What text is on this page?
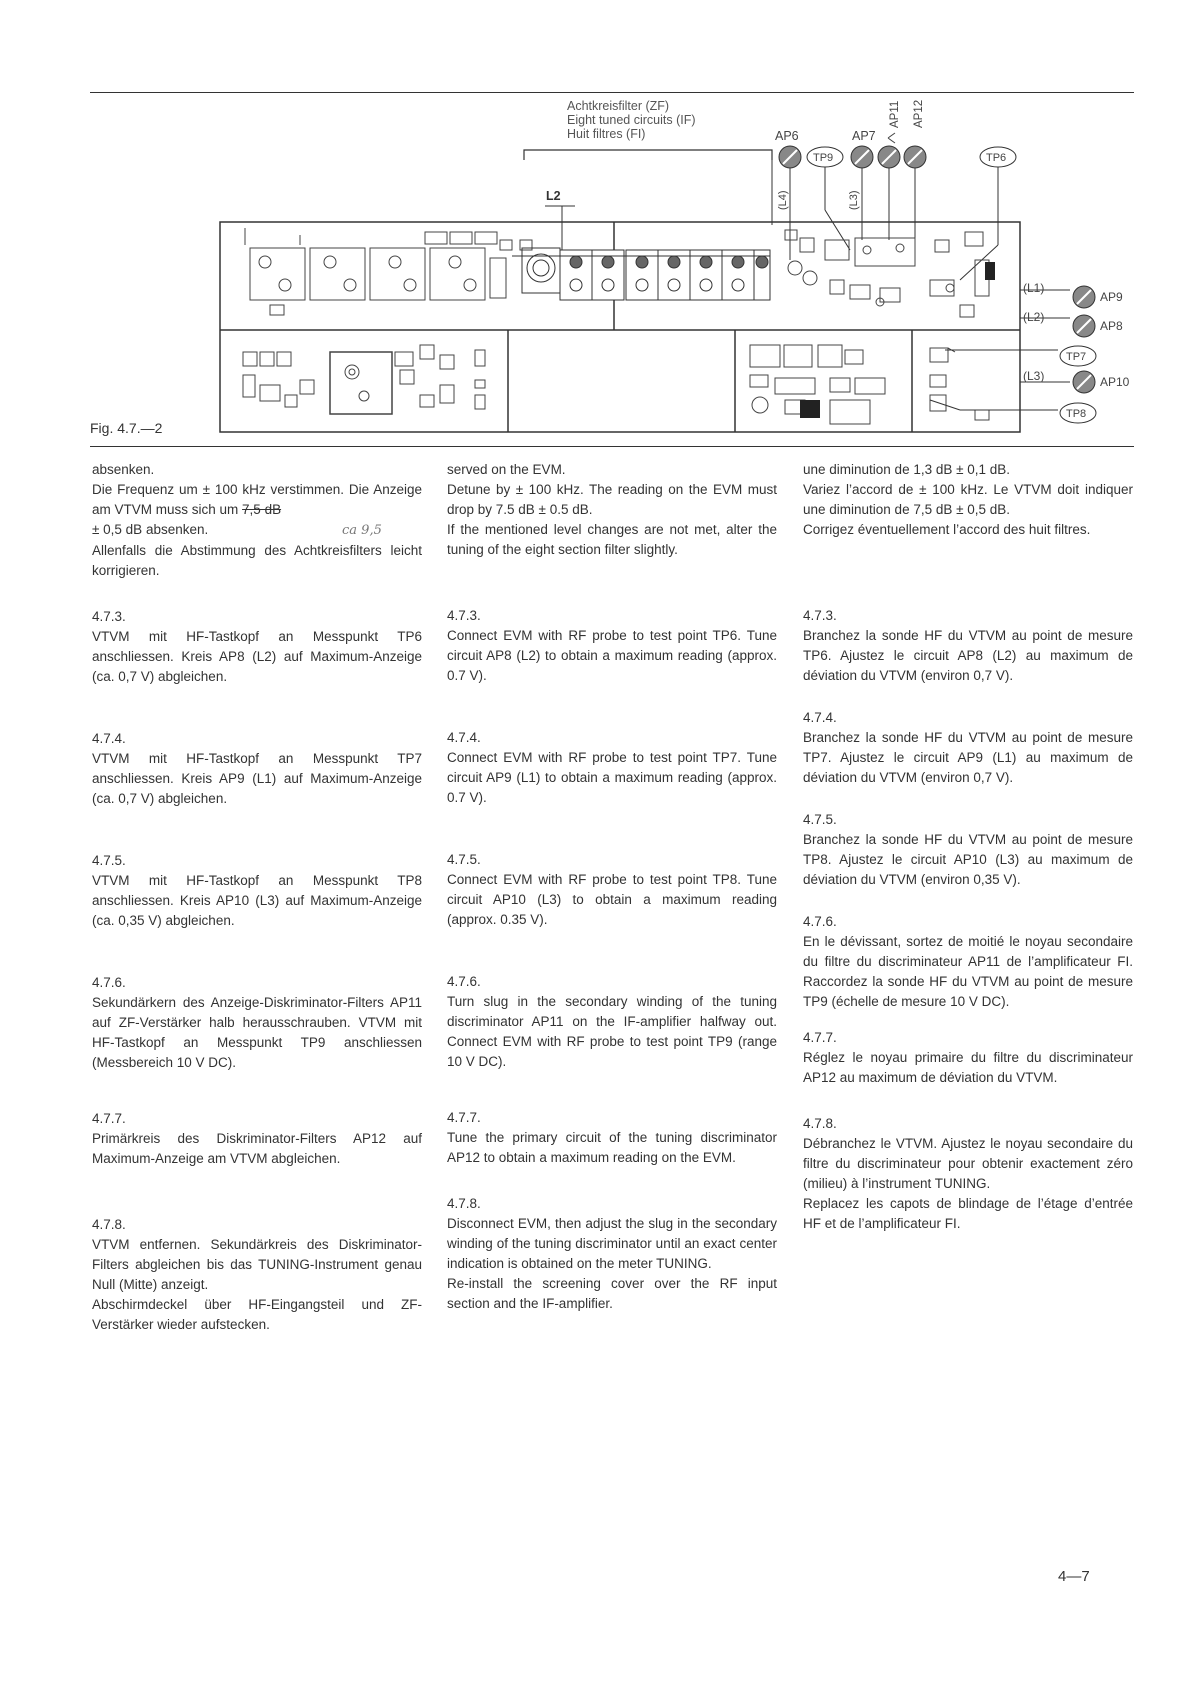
Achtkreisfilter (ZF)
Eight tuned circuits (IF)
Huit filtres (FI)	AP6	AP7
AP11 AP12
TP9	TP6
L2	(L4)	(L3)
(L1)
(L2)
(L3)
AP9
AP8
AP10
TP7
TP8
Fig. 4.7.—2

absenken.

Die Frequenz um ± 100 kHz verstimmen. Die Anzeige am VTVM muss sich um 7,5 dB

± 0,5 dB absenken.	ca 9,5

Allenfalls die Abstimmung des Achtkreisfilters leicht korrigieren.

4.7.3.

VTVM mit HF-Tastkopf an Messpunkt TP6 anschliessen. Kreis AP8 (L2) auf Maximum-Anzeige (ca. 0,7 V) abgleichen.

4.7.4.

VTVM mit HF-Tastkopf an Messpunkt TP7 anschliessen. Kreis AP9 (L1) auf Maximum-Anzeige (ca. 0,7 V) abgleichen.

4.7.5.

VTVM mit HF-Tastkopf an Messpunkt TP8 anschliessen. Kreis AP10 (L3) auf Maximum-Anzeige (ca. 0,35 V) abgleichen.

4.7.6.

Sekundärkern des Anzeige-Diskriminator-Filters AP11 auf ZF-Verstärker halb herausschrauben. VTVM mit HF-Tastkopf an Messpunkt TP9 anschliessen (Messbereich 10 V DC).

4.7.7.

Primärkreis des Diskriminator-Filters AP12 auf Maximum-Anzeige am VTVM abgleichen.

4.7.8.

VTVM entfernen. Sekundärkreis des Diskriminator-Filters abgleichen bis das TUNING-Instrument genau Null (Mitte) anzeigt.

Abschirmdeckel über HF-Eingangsteil und ZF-Verstärker wieder aufstecken.

served on the EVM.

Detune by ± 100 kHz. The reading on the EVM must drop by 7.5 dB ± 0.5 dB.

If the mentioned level changes are not met, alter the tuning of the eight section filter slightly.

4.7.3.

Connect EVM with RF probe to test point TP6. Tune circuit AP8 (L2) to obtain a maximum reading (approx. 0.7 V).

4.7.4.

Connect EVM with RF probe to test point TP7. Tune circuit AP9 (L1) to obtain a maximum reading (approx. 0.7 V).

4.7.5.

Connect EVM with RF probe to test point TP8. Tune circuit AP10 (L3) to obtain a maximum reading (approx. 0.35 V).

4.7.6.

Turn slug in the secondary winding of the tuning discriminator AP11 on the IF-amplifier halfway out. Connect EVM with RF probe to test point TP9 (range 10 V DC).

4.7.7.

Tune the primary circuit of the tuning discriminator AP12 to obtain a maximum reading on the EVM.

4.7.8.

Disconnect EVM, then adjust the slug in the secondary winding of the tuning discriminator until an exact center indication is obtained on the meter TUNING.

Re-install the screening cover over the RF input section and the IF-amplifier.

une diminution de 1,3 dB ± 0,1 dB.

Variez l’accord de ± 100 kHz. Le VTVM doit indiquer une diminution de 7,5 dB ± 0,5 dB.

Corrigez éventuellement l’accord des huit filtres.

4.7.3.

Branchez la sonde HF du VTVM au point de mesure TP6. Ajustez le circuit AP8 (L2) au maximum de déviation du VTVM (environ 0,7 V).

4.7.4.

Branchez la sonde HF du VTVM au point de mesure TP7. Ajustez le circuit AP9 (L1) au maximum de déviation du VTVM (environ 0,7 V).

4.7.5.

Branchez la sonde HF du VTVM au point de mesure TP8. Ajustez le circuit AP10 (L3) au maximum de déviation du VTVM (environ 0,35 V).

4.7.6.

En le dévissant, sortez de moitié le noyau secondaire du filtre du discriminateur AP11 de l’amplificateur FI. Raccordez la sonde HF du VTVM au point de mesure TP9 (échelle de mesure 10 V DC).

4.7.7.

Réglez le noyau primaire du filtre du discriminateur AP12 au maximum de déviation du VTVM.

4.7.8.

Débranchez le VTVM. Ajustez le noyau secondaire du filtre du discriminateur pour obtenir exactement zéro (milieu) à l’instrument TUNING.

Replacez les capots de blindage de l’étage d’entrée HF et de l’amplificateur FI.

4—7
